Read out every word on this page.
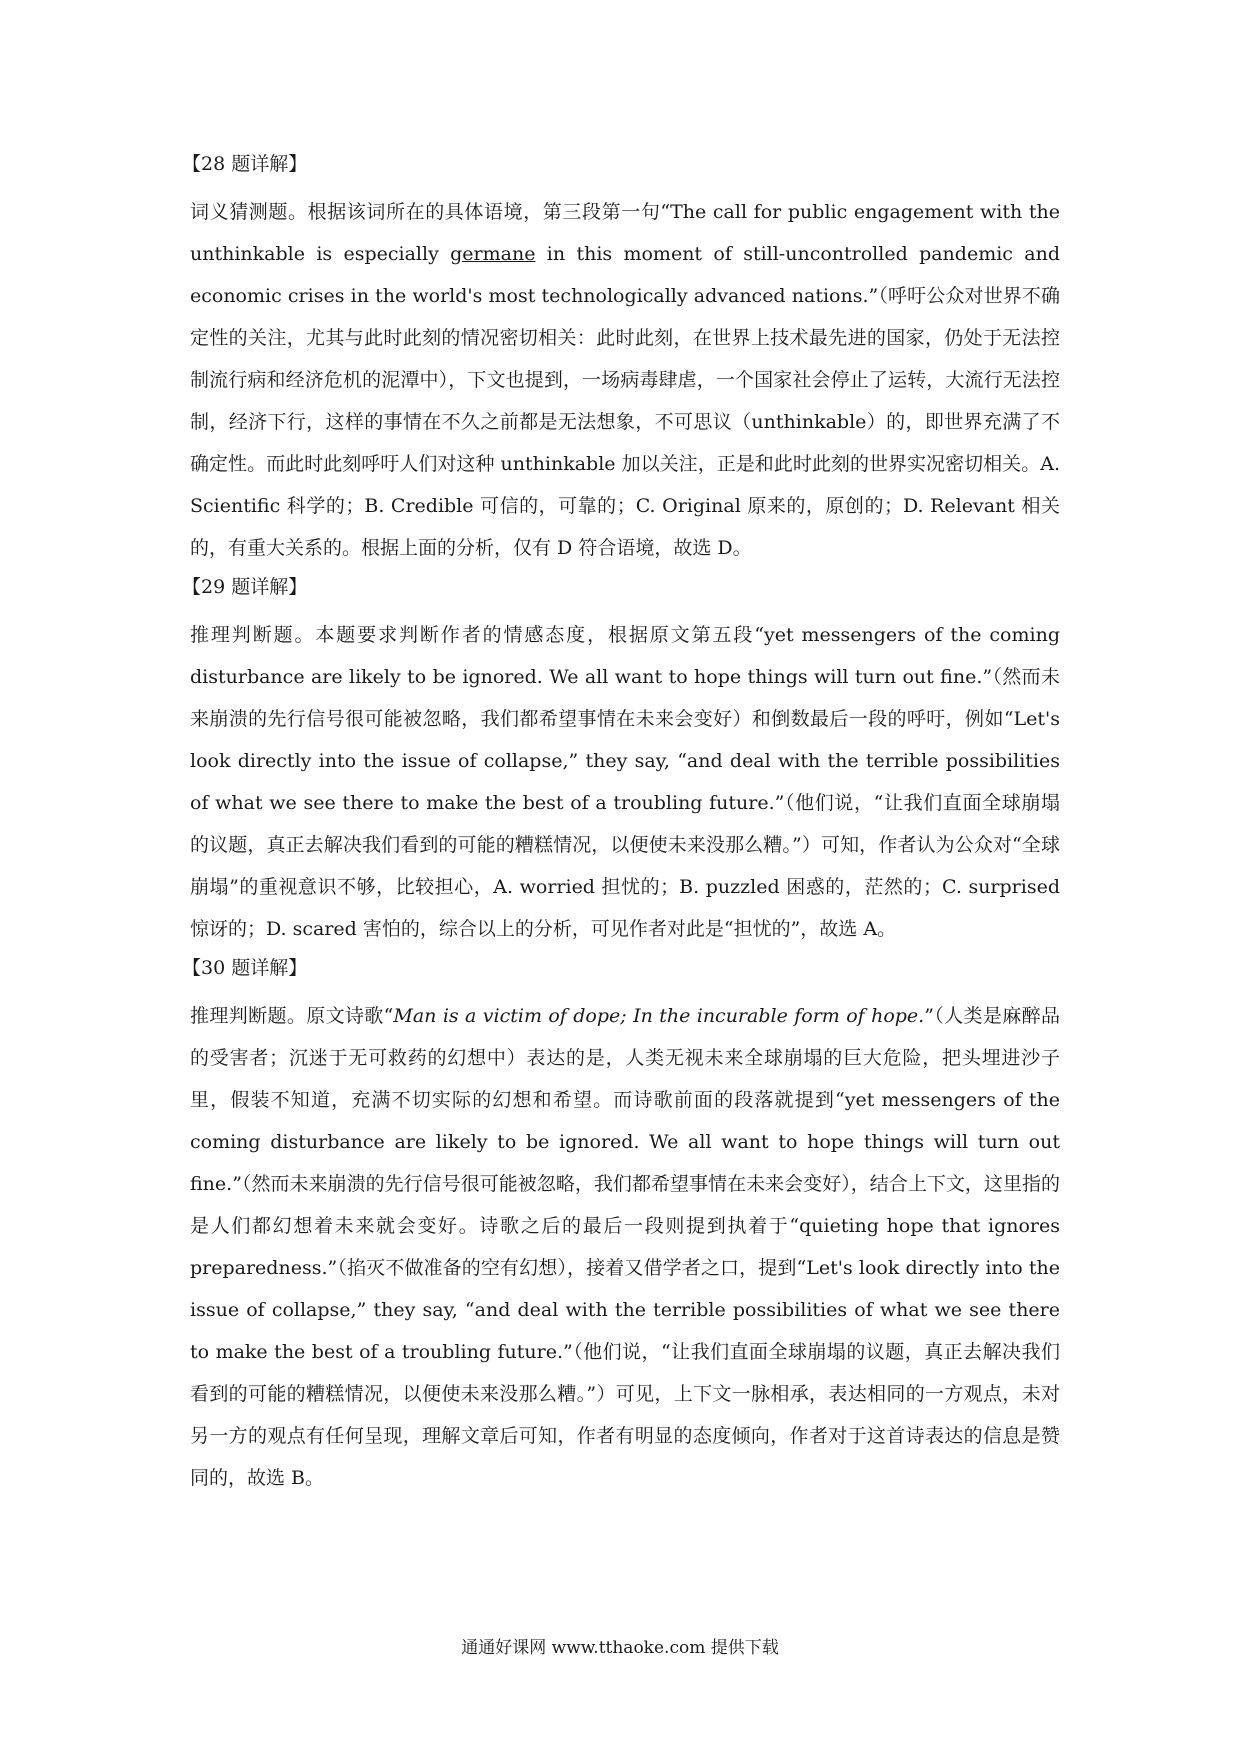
【28 题详解】

词义猜测题。根据该词所在的具体语境，第三段第一句“The call for public engagement with the unthinkable is especially germane in this moment of still-uncontrolled pandemic and economic crises in the world's most technologically advanced nations.”（呼吁公众对世界不确定性的关注，尤其与此时此刻的情况密切相关：此时此刻，在世界上技术最先进的国家，仍处于无法控制流行病和经济危机的泥潭中），下文也提到，一场病毒肆虐，一个国家社会停止了运转，大流行无法控制，经济下行，这样的事情在不久之前都是无法想象，不可思议（unthinkable）的，即世界充满了不确定性。而此时此刻呼吁人们对这种 unthinkable 加以关注，正是和此时此刻的世界实况密切相关。A. Scientific 科学的；B. Credible 可信的，可靠的；C. Original 原来的，原创的；D. Relevant 相关的，有重大关系的。根据上面的分析，仅有 D 符合语境，故选 D。

【29 题详解】

推理判断题。本题要求判断作者的情感态度，根据原文第五段“yet messengers of the coming disturbance are likely to be ignored. We all want to hope things will turn out fine.”（然而未来崩溃的先行信号很可能被忽略，我们都希望事情在未来会变好）和倒数最后一段的呼吁，例如“Let's look directly into the issue of collapse,” they say, “and deal with the terrible possibilities of what we see there to make the best of a troubling future.”（他们说，“让我们直面全球崩塌的议题，真正去解决我们看到的可能的糟糕情况，以便使未来没那么糟。”）可知，作者认为公众对“全球崩塌”的重视意识不够，比较担心，A. worried 担忧的；B. puzzled 困惑的，茫然的；C. surprised 惊讶的；D. scared 害怕的，综合以上的分析，可见作者对此是“担忧的”，故选 A。

【30 题详解】

推理判断题。原文诗歌“Man is a victim of dope; In the incurable form of hope.”（人类是麻醉品的受害者；沉迷于无可救药的幻想中）表达的是，人类无视未来全球崩塌的巨大危险，把头埋进沙子里，假装不知道，充满不切实际的幻想和希望。而诗歌前面的段落就提到“yet messengers of the coming disturbance are likely to be ignored. We all want to hope things will turn out fine.”（然而未来崩溃的先行信号很可能被忽略，我们都希望事情在未来会变好），结合上下文，这里指的是人们都幻想着未来就会变好。诗歌之后的最后一段则提到执着于“quieting hope that ignores preparedness.”（掐灭不做准备的空有幻想），接着又借学者之口，提到“Let's look directly into the issue of collapse,” they say, “and deal with the terrible possibilities of what we see there to make the best of a troubling future.”（他们说，“让我们直面全球崩塌的议题，真正去解决我们看到的可能的糟糕情况，以便使未来没那么糟。”）可见，上下文一脉相承，表达相同的一方观点，未对另一方的观点有任何呈现，理解文章后可知，作者有明显的态度倾向，作者对于这首诗表达的信息是赞同的，故选 B。

通通好课网 www.tthaoke.com 提供下载
